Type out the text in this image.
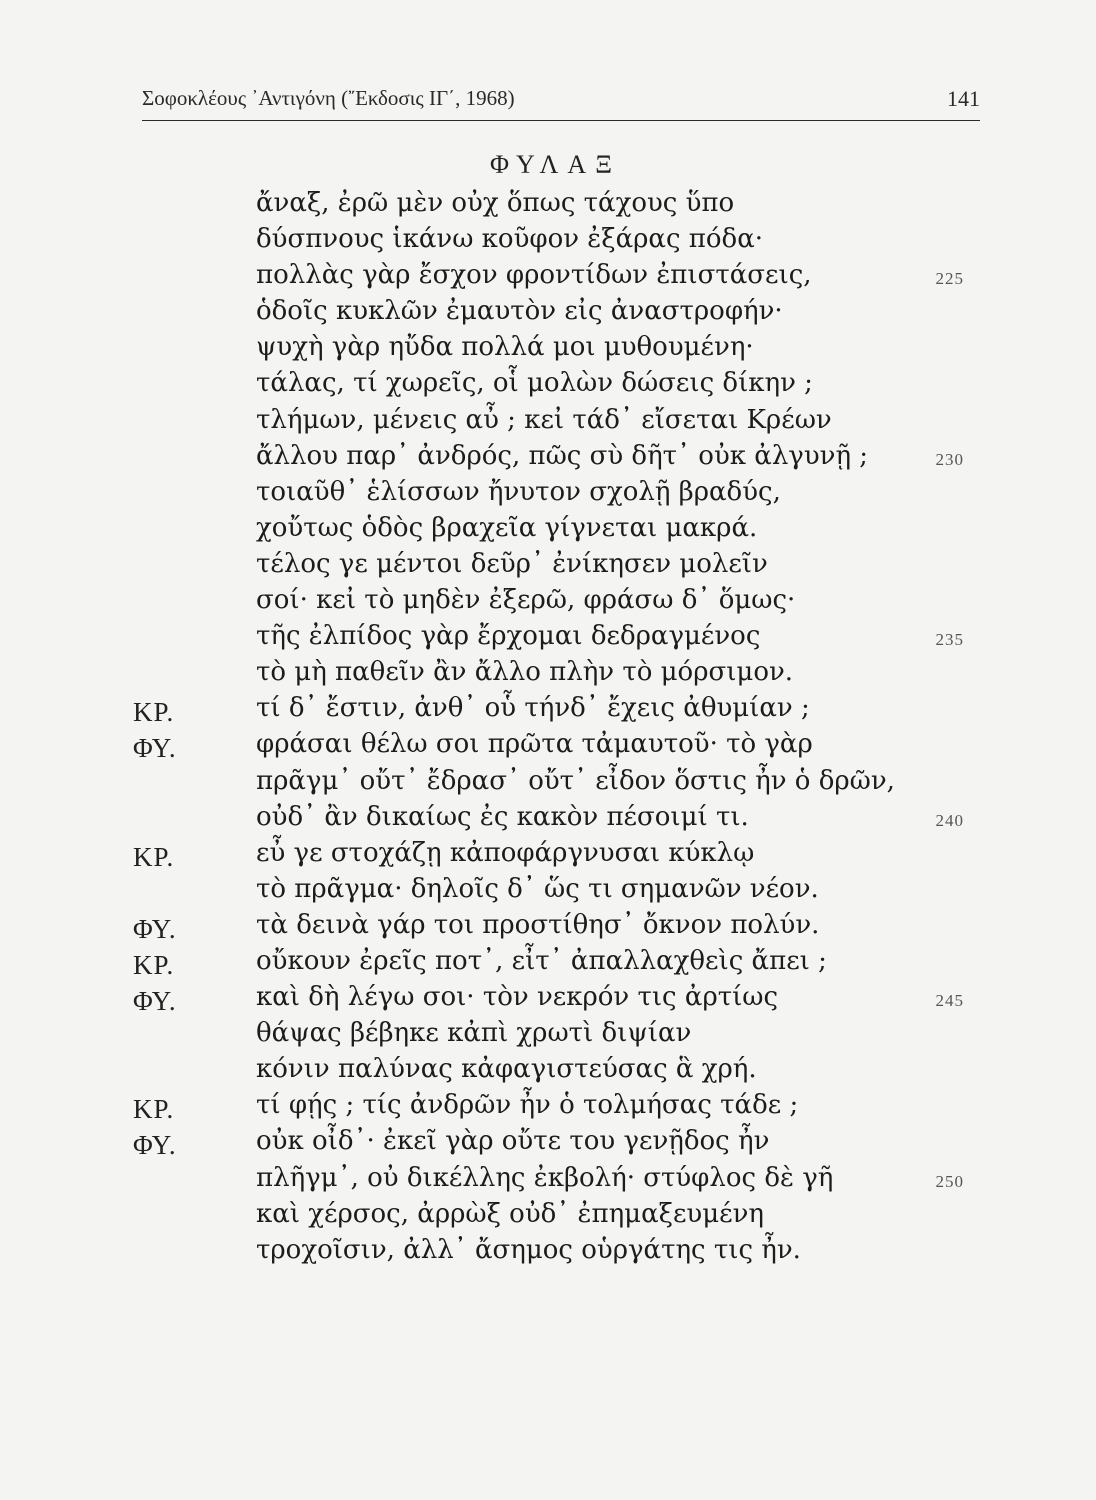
Σοφοκλέους ᾿Αντιγόνη (῎Εκδοσις ΙΓ΄, 1968)	141
ΦΥΛΑΞ
ἄναξ, ἐρῶ μὲν οὐχ ὅπως τάχους ὕπο
δύσπνους ἱκάνω κοῦφον ἐξάρας πόδα·
πολλὰς γὰρ ἔσχον φροντίδων ἐπιστάσεις,	225
ὁδοῖς κυκλῶν ἐμαυτὸν εἰς ἀναστροφήν·
ψυχὴ γὰρ ηὔδα πολλά μοι μυθουμένη·
τάλας, τί χωρεῖς, οἷ μολὼν δώσεις δίκην ;
τλήμων, μένεις αὖ ; κεἰ τάδ᾿ εἴσεται Κρέων
ἄλλου παρ᾿ ἀνδρός, πῶς σὺ δῆτ᾿ οὐκ ἀλγυνῇ ;	230
τοιαῦθ᾿ ἑλίσσων ἤνυτον σχολῇ βραδύς,
χοὔτως ὁδὸς βραχεῖα γίγνεται μακρά.
τέλος γε μέντοι δεῦρ᾿ ἐνίκησεν μολεῖν
σοί· κεἰ τὸ μηδὲν ἐξερῶ, φράσω δ᾿ ὅμως·
τῆς ἐλπίδος γὰρ ἔρχομαι δεδραγμένος	235
τὸ μὴ παθεῖν ἂν ἄλλο πλὴν τὸ μόρσιμον.
ΚΡ.	τί δ᾿ ἔστιν, ἀνθ᾿ οὗ τήνδ᾿ ἔχεις ἀθυμίαν ;
ΦΥ.	φράσαι θέλω σοι πρῶτα τἀμαυτοῦ· τὸ γὰρ
πρᾶγμ᾿ οὔτ᾿ ἔδρασ᾿ οὔτ᾿ εἶδον ὅστις ἦν ὁ δρῶν,
οὐδ᾿ ἂν δικαίως ἐς κακὸν πέσοιμί τι.	240
ΚΡ.	εὖ γε στοχάζῃ κἀποφάργνυσαι κύκλῳ
τὸ πρᾶγμα· δηλοῖς δ᾿ ὥς τι σημανῶν νέον.
ΦΥ.	τὰ δεινὰ γάρ τοι προστίθησ᾿ ὄκνον πολύν.
ΚΡ.	οὔκουν ἐρεῖς ποτ᾿, εἶτ᾿ ἀπαλλαχθεὶς ἄπει ;
ΦΥ.	καὶ δὴ λέγω σοι· τὸν νεκρόν τις ἀρτίως	245
θάψας βέβηκε κἀπὶ χρωτὶ διψίαν
κόνιν παλύνας κἀφαγιστεύσας ἃ χρή.
ΚΡ.	τί φῄς ; τίς ἀνδρῶν ἦν ὁ τολμήσας τάδε ;
ΦΥ.	οὐκ οἶδ᾿· ἐκεῖ γὰρ οὔτε του γενῇδος ἦν
πλῆγμ᾿, οὐ δικέλλης ἐκβολή· στύφλος δὲ γῆ	250
καὶ χέρσος, ἀρρὼξ οὐδ᾿ ἐπημαξευμένη
τροχοῖσιν, ἀλλ᾿ ἄσημος οὑργάτης τις ἦν.
